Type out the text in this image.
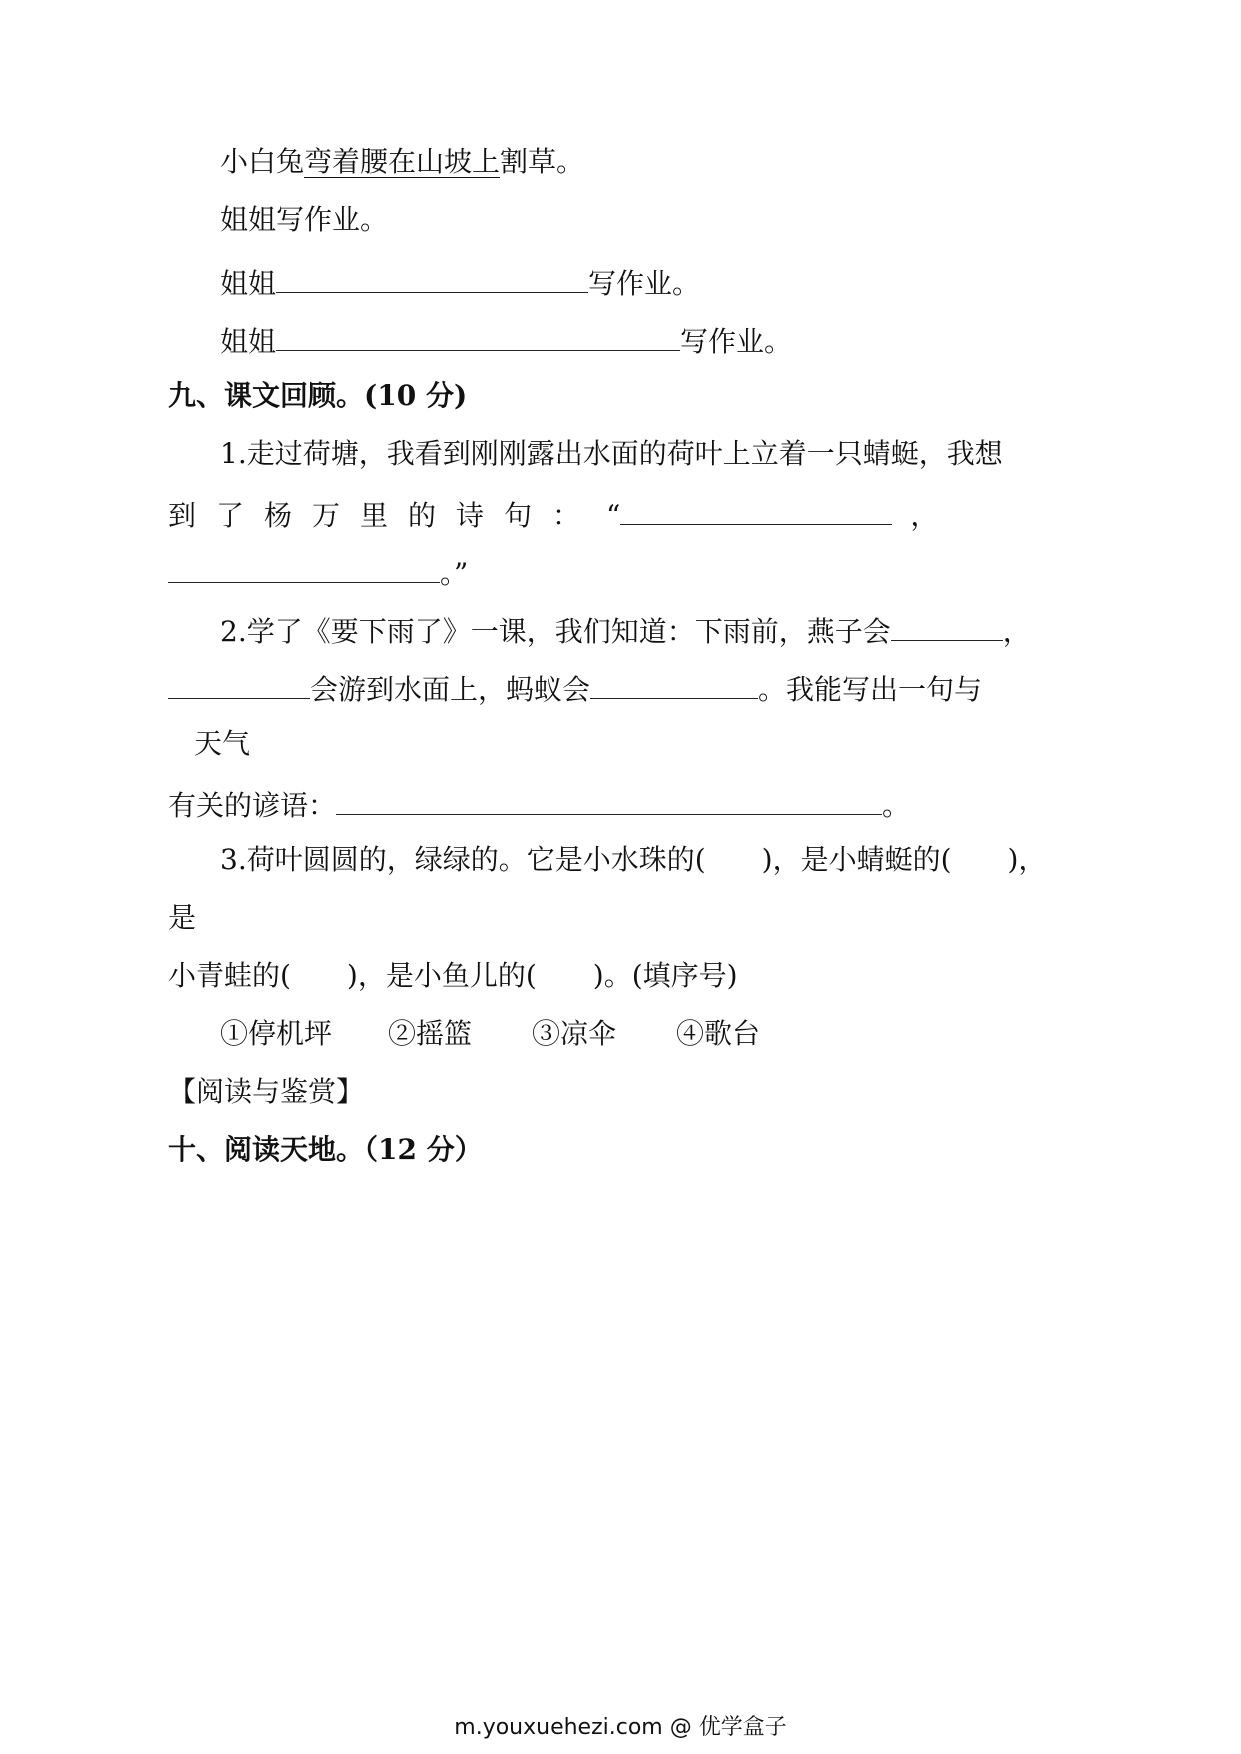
小白兔弯着腰在山坡上割草。
姐姐写作业。
姐姐	写作业。
姐姐	写作业。
九、课文回顾。(10 分)
1.走过荷塘，我看到刚刚露出水面的荷叶上立着一只蜻蜓，我想
到了杨万里的诗句： “	，
。”
2.学了《要下雨了》一课，我们知道：下雨前，燕子会	，
会游到水面上，蚂蚁会	。我能写出一句与
天气
有关的谚语：	。
3.荷叶圆圆的，绿绿的。它是小水珠的(　　)，是小蜻蜓的(　　)，
是
小青蛙的(　　)，是小鱼儿的(　　)。(填序号)
①停机坪 ②摇篮 ③凉伞 ④歌台
【阅读与鉴赏】
十、阅读天地。（12 分）
m.youxuehezi.com @ 优学盒子
